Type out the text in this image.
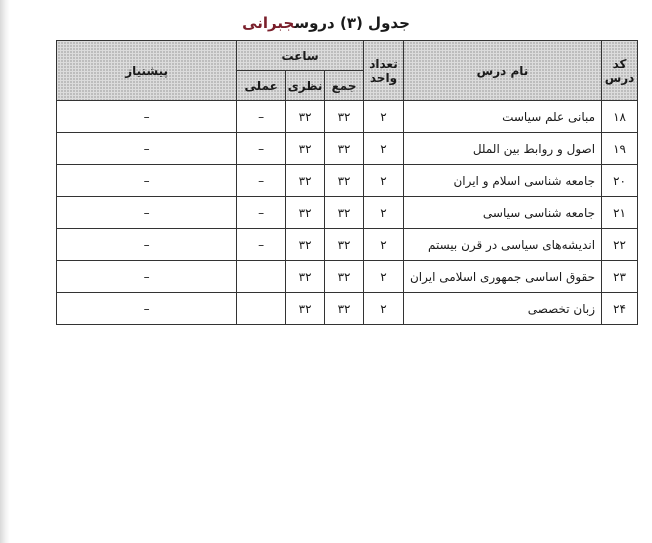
جدول (۳) دروسجبرانی
کد درس	نام درس	تعداد واحد	ساعت			پیشنیاز
			جمع	نظری	عملی	
۱۸	مبانی علم سیاست	۲	۳۲	۳۲	–	–
۱۹	اصول و روابط بین الملل	۲	۳۲	۳۲	–	–
۲۰	جامعه شناسی اسلام و ایران	۲	۳۲	۳۲	–	–
۲۱	جامعه شناسی سیاسی	۲	۳۲	۳۲	–	–
۲۲	اندیشه‌های سیاسی در قرن بیستم	۲	۳۲	۳۲	–	–
۲۳	حقوق اساسی جمهوری اسلامی ایران	۲	۳۲	۳۲		–
۲۴	زبان تخصصی	۲	۳۲	۳۲		–
